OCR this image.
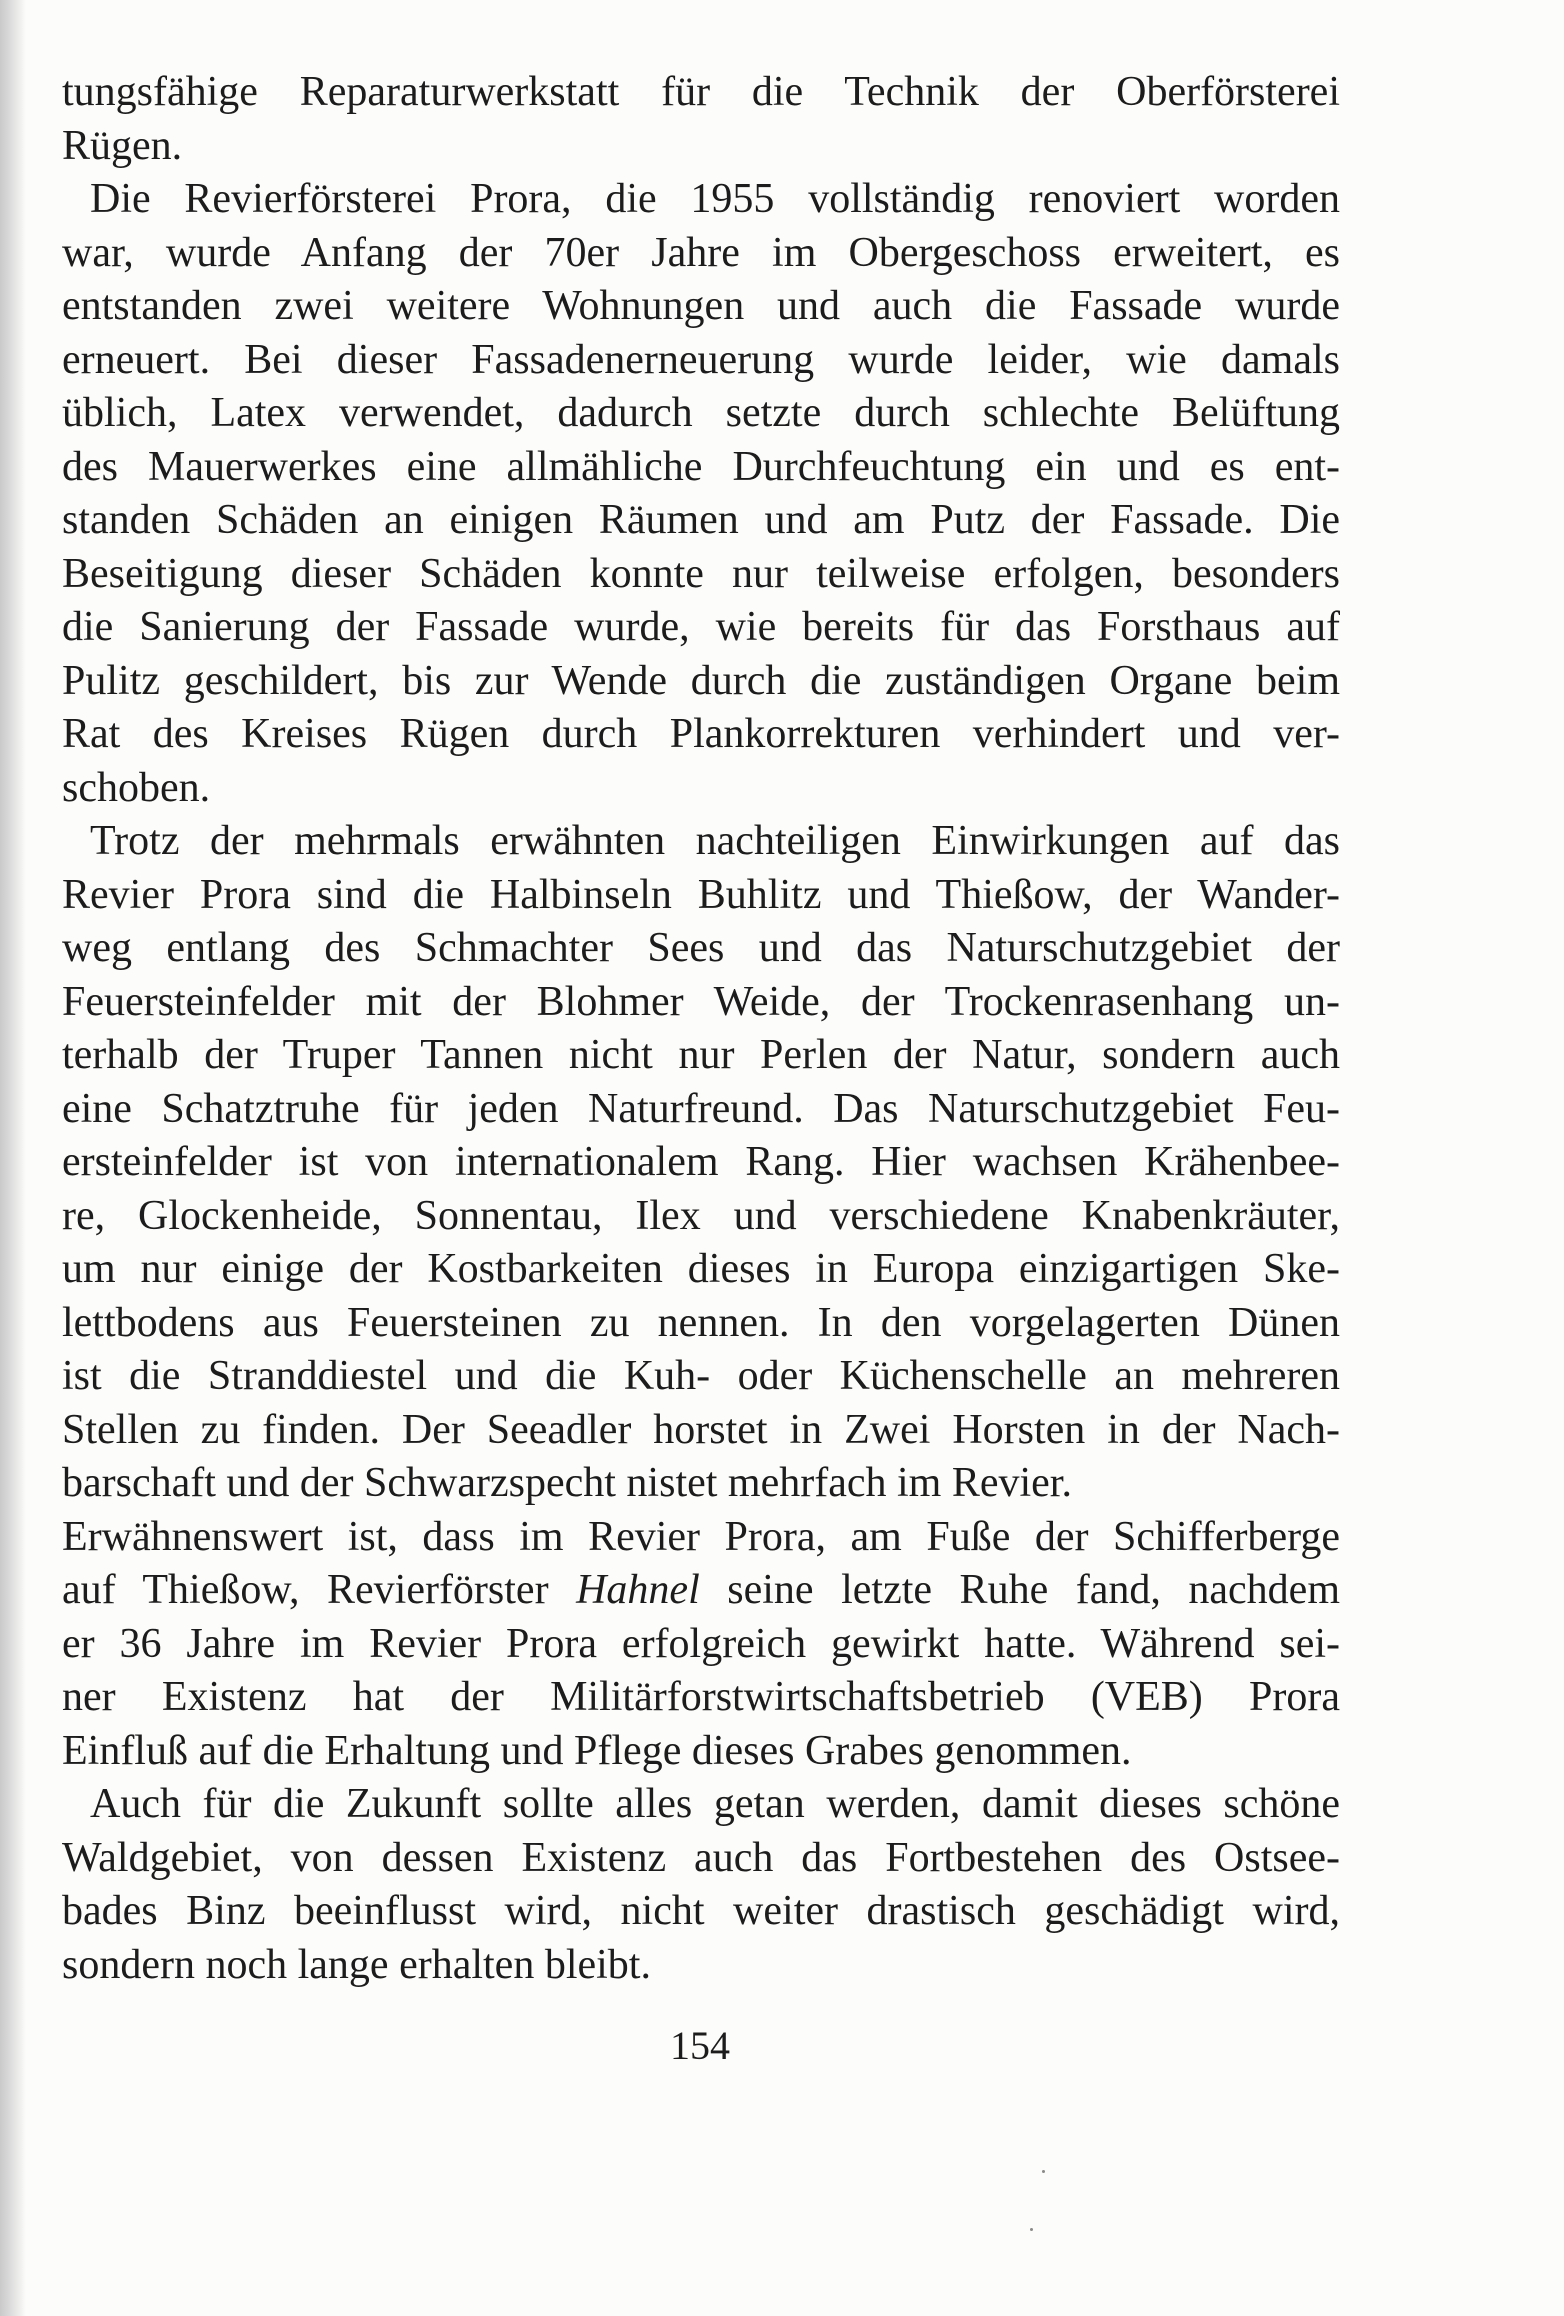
tungsfähige Reparaturwerkstatt für die Technik der Oberförsterei
Rügen.
Die Revierförsterei Prora, die 1955 vollständig renoviert worden
war, wurde Anfang der 70er Jahre im Obergeschoss erweitert, es
entstanden zwei weitere Wohnungen und auch die Fassade wurde
erneuert. Bei dieser Fassadenerneuerung wurde leider, wie damals
üblich, Latex verwendet, dadurch setzte durch schlechte Belüftung
des Mauerwerkes eine allmähliche Durchfeuchtung ein und es ent-
standen Schäden an einigen Räumen und am Putz der Fassade. Die
Beseitigung dieser Schäden konnte nur teilweise erfolgen, besonders
die Sanierung der Fassade wurde, wie bereits für das Forsthaus auf
Pulitz geschildert, bis zur Wende durch die zuständigen Organe beim
Rat des Kreises Rügen durch Plankorrekturen verhindert und ver-
schoben.
Trotz der mehrmals erwähnten nachteiligen Einwirkungen auf das
Revier Prora sind die Halbinseln Buhlitz und Thießow, der Wander-
weg entlang des Schmachter Sees und das Naturschutzgebiet der
Feuersteinfelder mit der Blohmer Weide, der Trockenrasenhang un-
terhalb der Truper Tannen nicht nur Perlen der Natur, sondern auch
eine Schatztruhe für jeden Naturfreund. Das Naturschutzgebiet Feu-
ersteinfelder ist von internationalem Rang. Hier wachsen Krähenbee-
re, Glockenheide, Sonnentau, Ilex und verschiedene Knabenkräuter,
um nur einige der Kostbarkeiten dieses in Europa einzigartigen Ske-
lettbodens aus Feuersteinen zu nennen. In den vorgelagerten Dünen
ist die Stranddiestel und die Kuh- oder Küchenschelle an mehreren
Stellen zu finden. Der Seeadler horstet in Zwei Horsten in der Nach-
barschaft und der Schwarzspecht nistet mehrfach im Revier.
Erwähnenswert ist, dass im Revier Prora, am Fuße der Schifferberge
auf Thießow, Revierförster Hahnel seine letzte Ruhe fand, nachdem
er 36 Jahre im Revier Prora erfolgreich gewirkt hatte. Während sei-
ner Existenz hat der Militärforstwirtschaftsbetrieb (VEB) Prora
Einfluß auf die Erhaltung und Pflege dieses Grabes genommen.
Auch für die Zukunft sollte alles getan werden, damit dieses schöne
Waldgebiet, von dessen Existenz auch das Fortbestehen des Ostsee-
bades Binz beeinflusst wird, nicht weiter drastisch geschädigt wird,
sondern noch lange erhalten bleibt.
154
